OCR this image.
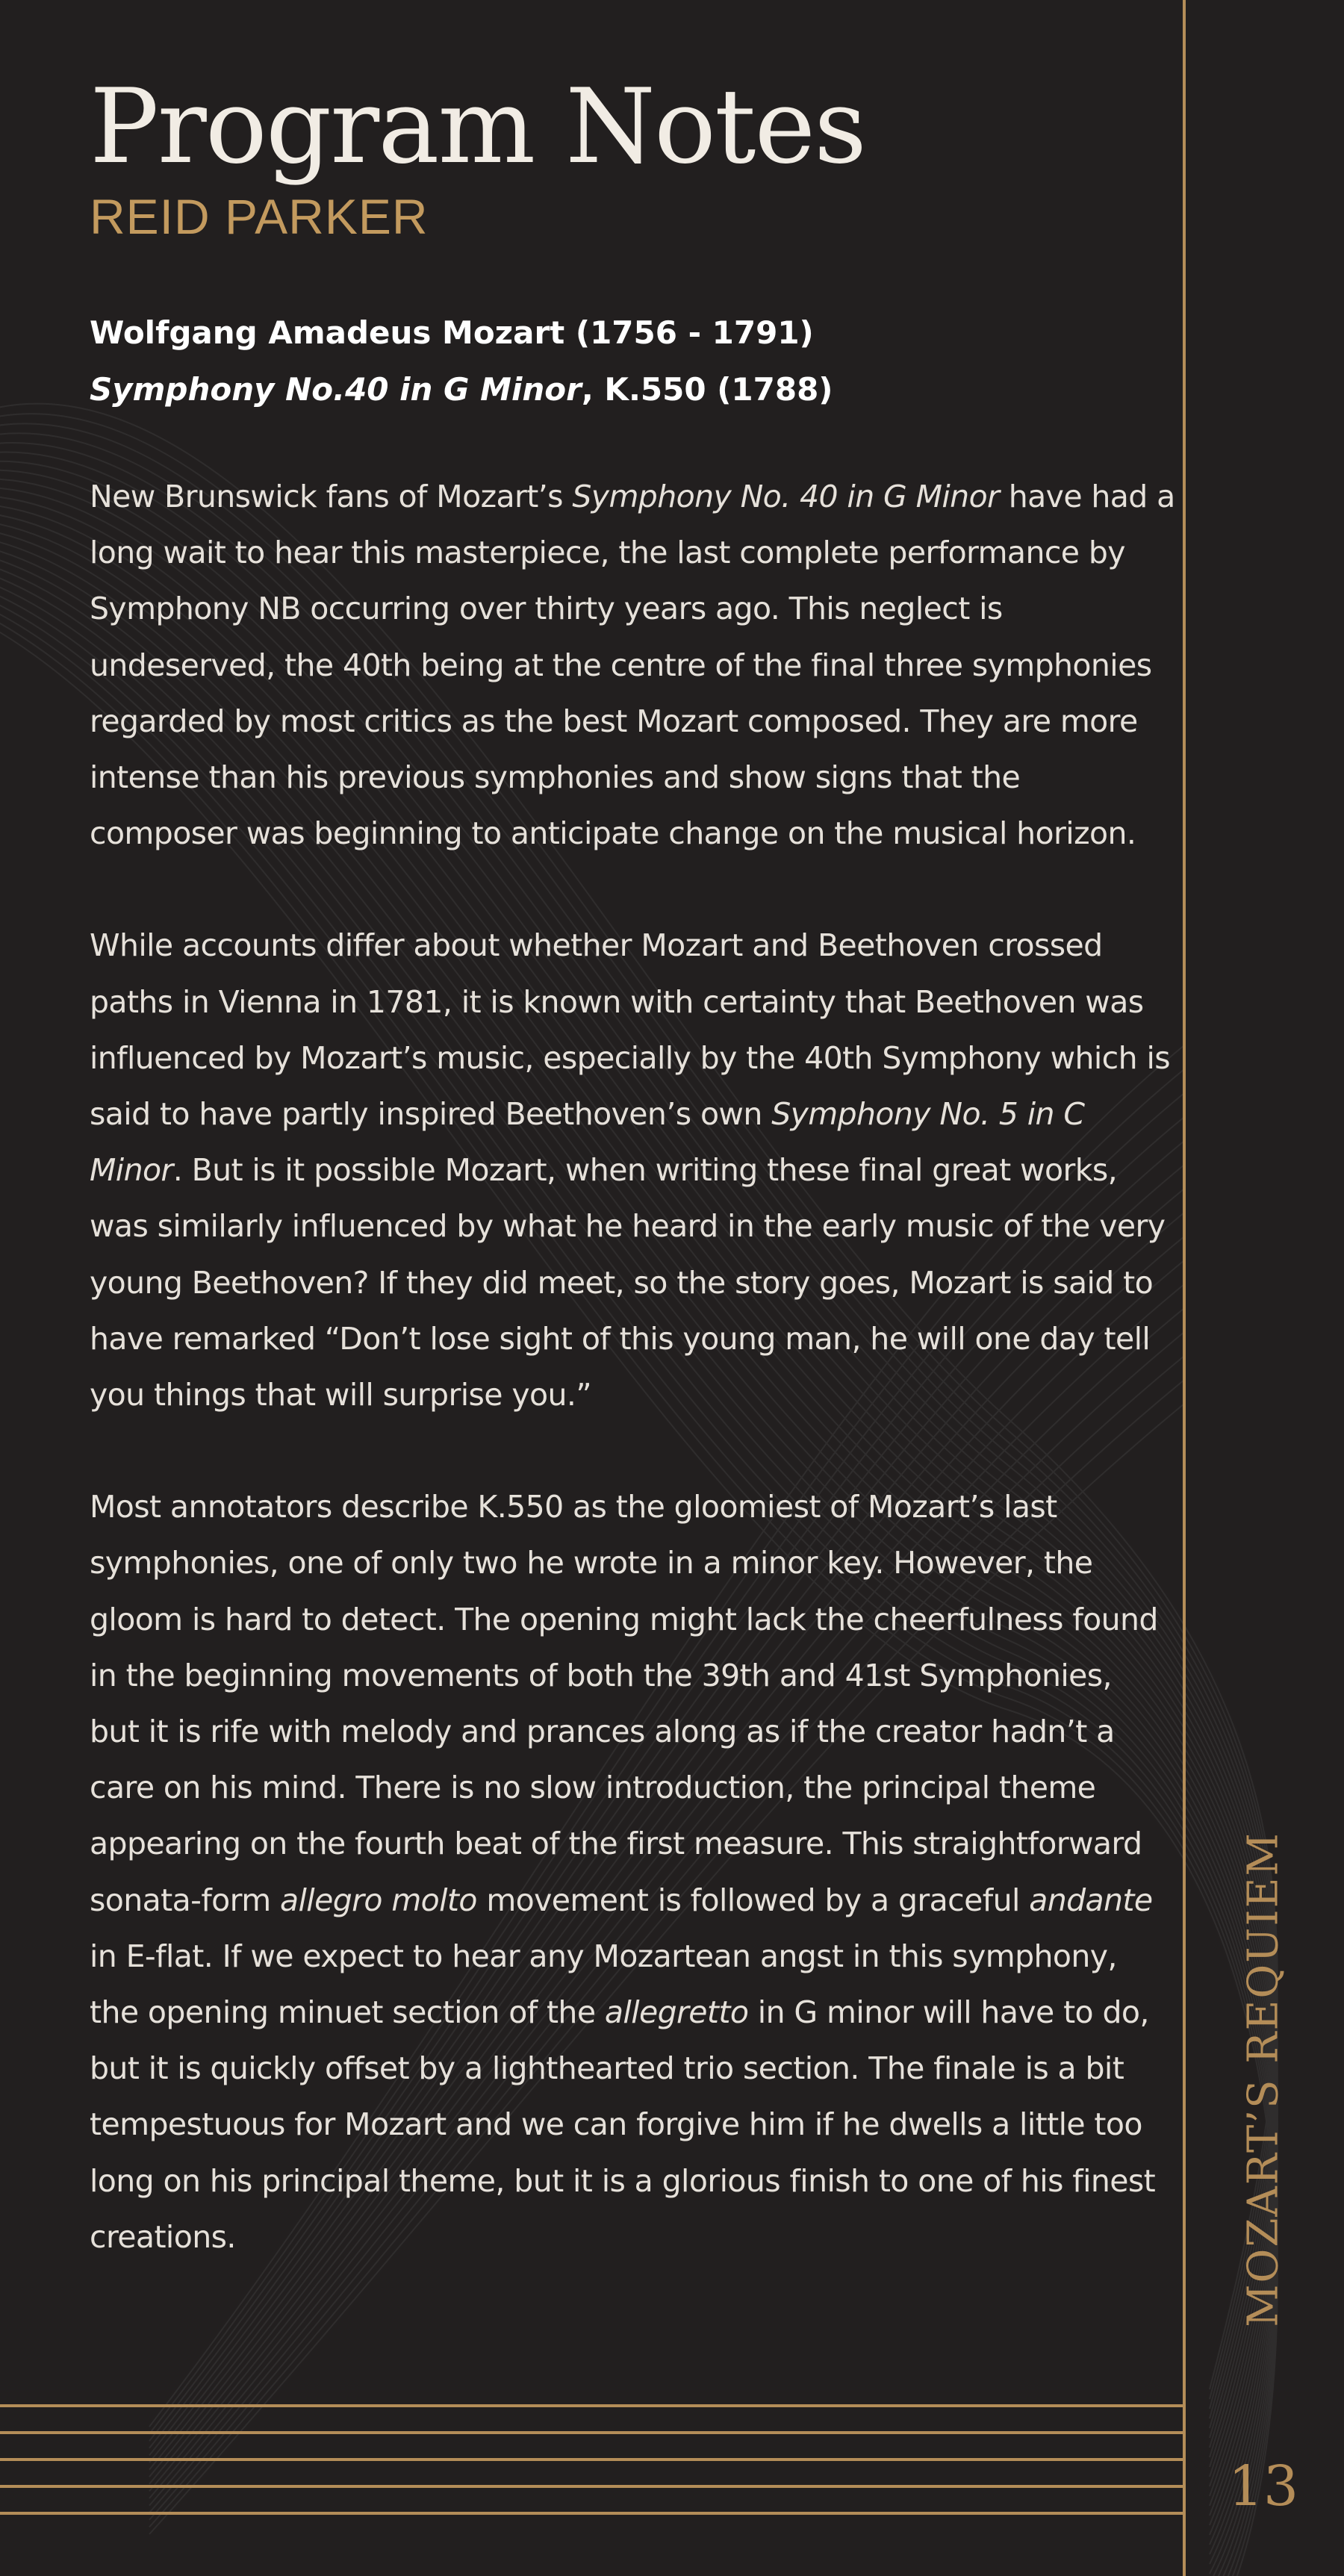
Program Notes
REID PARKER
Wolfgang Amadeus Mozart (1756 - 1791)
Symphony No.40 in G Minor, K.550 (1788)

New Brunswick fans of Mozart’s Symphony No. 40 in G Minor have had a
long wait to hear this masterpiece, the last complete performance by
Symphony NB occurring over thirty years ago. This neglect is
undeserved, the 40th being at the centre of the final three symphonies
regarded by most critics as the best Mozart composed. They are more
intense than his previous symphonies and show signs that the
composer was beginning to anticipate change on the musical horizon.

While accounts differ about whether Mozart and Beethoven crossed
paths in Vienna in 1781, it is known with certainty that Beethoven was
influenced by Mozart’s music, especially by the 40th Symphony which is
said to have partly inspired Beethoven’s own Symphony No. 5 in C
Minor. But is it possible Mozart, when writing these final great works,
was similarly influenced by what he heard in the early music of the very
young Beethoven? If they did meet, so the story goes, Mozart is said to
have remarked “Don’t lose sight of this young man, he will one day tell
you things that will surprise you.”

Most annotators describe K.550 as the gloomiest of Mozart’s last
symphonies, one of only two he wrote in a minor key. However, the
gloom is hard to detect. The opening might lack the cheerfulness found
in the beginning movements of both the 39th and 41st Symphonies,
but it is rife with melody and prances along as if the creator hadn’t a
care on his mind. There is no slow introduction, the principal theme
appearing on the fourth beat of the first measure. This straightforward
sonata-form allegro molto movement is followed by a graceful andante
in E-flat. If we expect to hear any Mozartean angst in this symphony,
the opening minuet section of the allegretto in G minor will have to do,
but it is quickly offset by a lighthearted trio section. The finale is a bit
tempestuous for Mozart and we can forgive him if he dwells a little too
long on his principal theme, but it is a glorious finish to one of his finest
creations.	MOZART’S REQUIEM
13
